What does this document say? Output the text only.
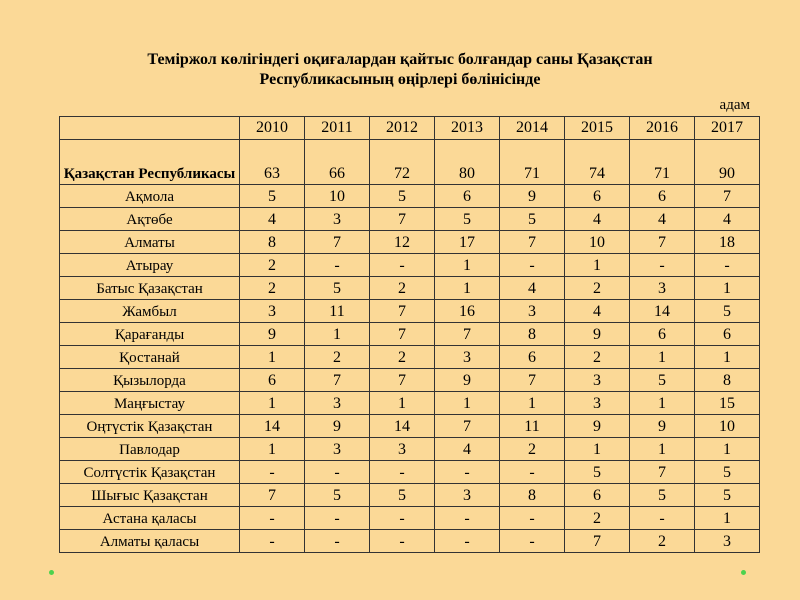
Теміржол көлігіндегі оқиғалардан қайтыс болғандар саны Қазақстан
Республикасының өңірлері бөлінісінде
адам
	2010	2011	2012	2013	2014	2015	2016	2017
Қазақстан Республикасы	63	66	72	80	71	74	71	90
Ақмола	5	10	5	6	9	6	6	7
Ақтөбе	4	3	7	5	5	4	4	4
Алматы	8	7	12	17	7	10	7	18
Атырау	2	-	-	1	-	1	-	-
Батыс Қазақстан	2	5	2	1	4	2	3	1
Жамбыл	3	11	7	16	3	4	14	5
Қарағанды	9	1	7	7	8	9	6	6
Қостанай	1	2	2	3	6	2	1	1
Қызылорда	6	7	7	9	7	3	5	8
Маңғыстау	1	3	1	1	1	3	1	15
Оңтүстік Қазақстан	14	9	14	7	11	9	9	10
Павлодар	1	3	3	4	2	1	1	1
Солтүстік Қазақстан	-	-	-	-	-	5	7	5
Шығыс Қазақстан	7	5	5	3	8	6	5	5
Астана қаласы	-	-	-	-	-	2	-	1
Алматы қаласы	-	-	-	-	-	7	2	3
